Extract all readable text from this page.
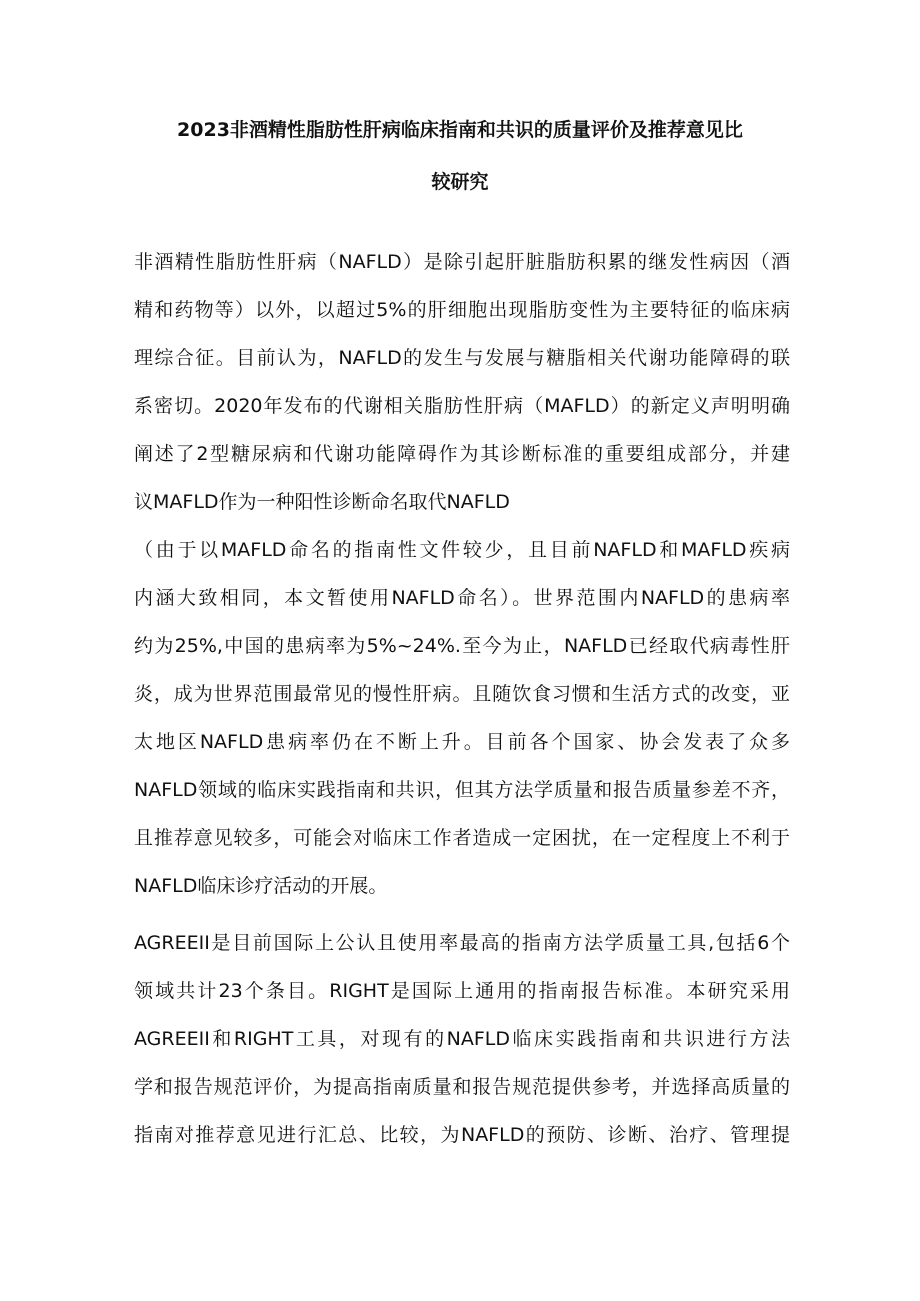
2023非酒精性脂肪性肝病临床指南和共识的质量评价及推荐意见比
较研究
非酒精性脂肪性肝病（NAFLD）是除引起肝脏脂肪积累的继发性病因（酒
精和药物等）以外，以超过5%的肝细胞出现脂肪变性为主要特征的临床病
理综合征。目前认为，NAFLD的发生与发展与糖脂相关代谢功能障碍的联
系密切。2020年发布的代谢相关脂肪性肝病（MAFLD）的新定义声明明确
阐述了2型糖尿病和代谢功能障碍作为其诊断标准的重要组成部分，并建
议MAFLD作为一种阳性诊断命名取代NAFLD
（由于以MAFLD命名的指南性文件较少，且目前NAFLD和MAFLD疾病
内涵大致相同，本文暂使用NAFLD命名）。世界范围内NAFLD的患病率
约为25%,中国的患病率为5%~24%.至今为止，NAFLD已经取代病毒性肝
炎，成为世界范围最常见的慢性肝病。且随饮食习惯和生活方式的改变，亚
太地区NAFLD患病率仍在不断上升。目前各个国家、协会发表了众多
NAFLD领域的临床实践指南和共识，但其方法学质量和报告质量参差不齐，
且推荐意见较多，可能会对临床工作者造成一定困扰，在一定程度上不利于
NAFLD临床诊疗活动的开展。
AGREEII是目前国际上公认且使用率最高的指南方法学质量工具,包括6个
领域共计23个条目。RIGHT是国际上通用的指南报告标准。本研究采用
AGREEII和RIGHT工具，对现有的NAFLD临床实践指南和共识进行方法
学和报告规范评价，为提高指南质量和报告规范提供参考，并选择高质量的
指南对推荐意见进行汇总、比较，为NAFLD的预防、诊断、治疗、管理提
